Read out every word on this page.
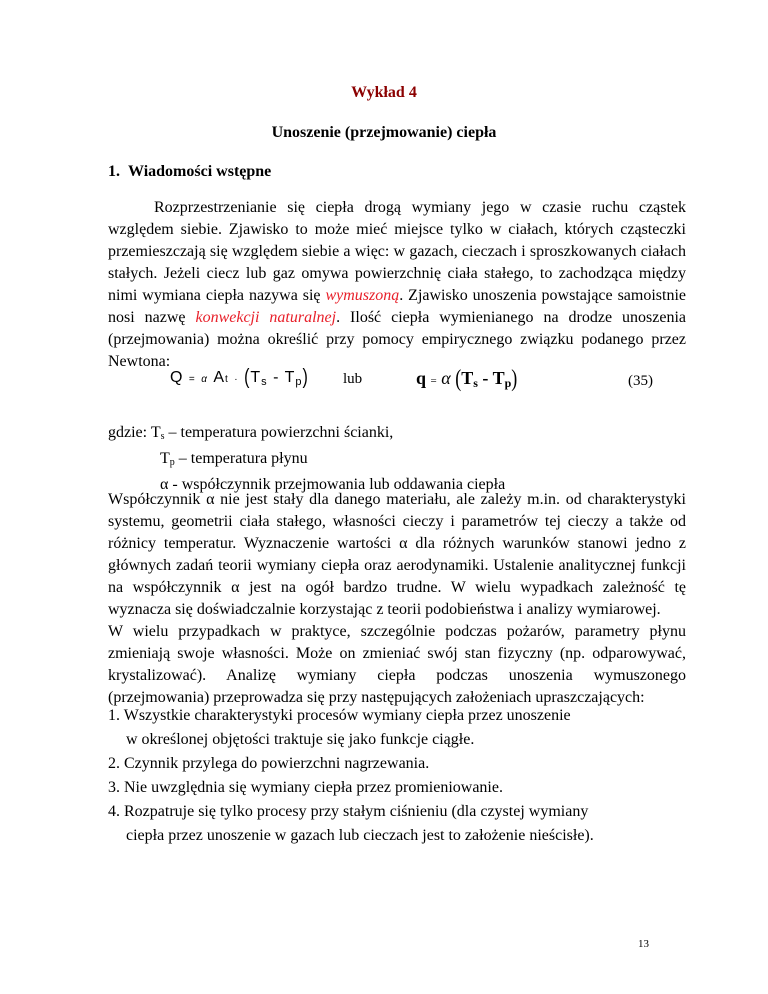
Wykład 4
Unoszenie (przejmowanie) ciepła
1. Wiadomości wstępne
Rozprzestrzenianie się ciepła drogą wymiany jego w czasie ruchu cząstek względem siebie. Zjawisko to może mieć miejsce tylko w ciałach, których cząsteczki przemieszczają się względem siebie a więc: w gazach, cieczach i sproszkowanych ciałach stałych. Jeżeli ciecz lub gaz omywa powierzchnię ciała stałego, to zachodząca między nimi wymiana ciepła nazywa się wymuszoną. Zjawisko unoszenia powstające samoistnie nosi nazwę konwekcji naturalnej. Ilość ciepła wymienianego na drodze unoszenia (przejmowania) można określić przy pomocy empirycznego związku podanego przez Newtona:
Q = α $At \cdot (T_s - T_p)$ lub	q = α $(T_s - T_p)$	(35)
gdzie: $T_s$ – temperatura powierzchni ścianki,
$T_p$ – temperatura płynu
α - współczynnik przejmowania lub oddawania ciepła
Współczynnik α nie jest stały dla danego materiału, ale zależy m.in. od charakterystyki systemu, geometrii ciała stałego, własności cieczy i parametrów tej cieczy a także od różnicy temperatur. Wyznaczenie wartości α dla różnych warunków stanowi jedno z głównych zadań teorii wymiany ciepła oraz aerodynamiki. Ustalenie analitycznej funkcji na współczynnik α jest na ogół bardzo trudne. W wielu wypadkach zależność tę wyznacza się doświadczalnie korzystając z teorii podobieństwa i analizy wymiarowej.
W wielu przypadkach w praktyce, szczególnie podczas pożarów, parametry płynu zmieniają swoje własności. Może on zmieniać swój stan fizyczny (np. odparowywać, krystalizować). Analizę wymiany ciepła podczas unoszenia wymuszonego (przejmowania) przeprowadza się przy następujących założeniach upraszczających:
1. Wszystkie charakterystyki procesów wymiany ciepła przez unoszenie
w określonej objętości traktuje się jako funkcje ciągłe.
2. Czynnik przylega do powierzchni nagrzewania.
3. Nie uwzględnia się wymiany ciepła przez promieniowanie.
4. Rozpatruje się tylko procesy przy stałym ciśnieniu (dla czystej wymiany
ciepła przez unoszenie w gazach lub cieczach jest to założenie nieścisłe).
13
